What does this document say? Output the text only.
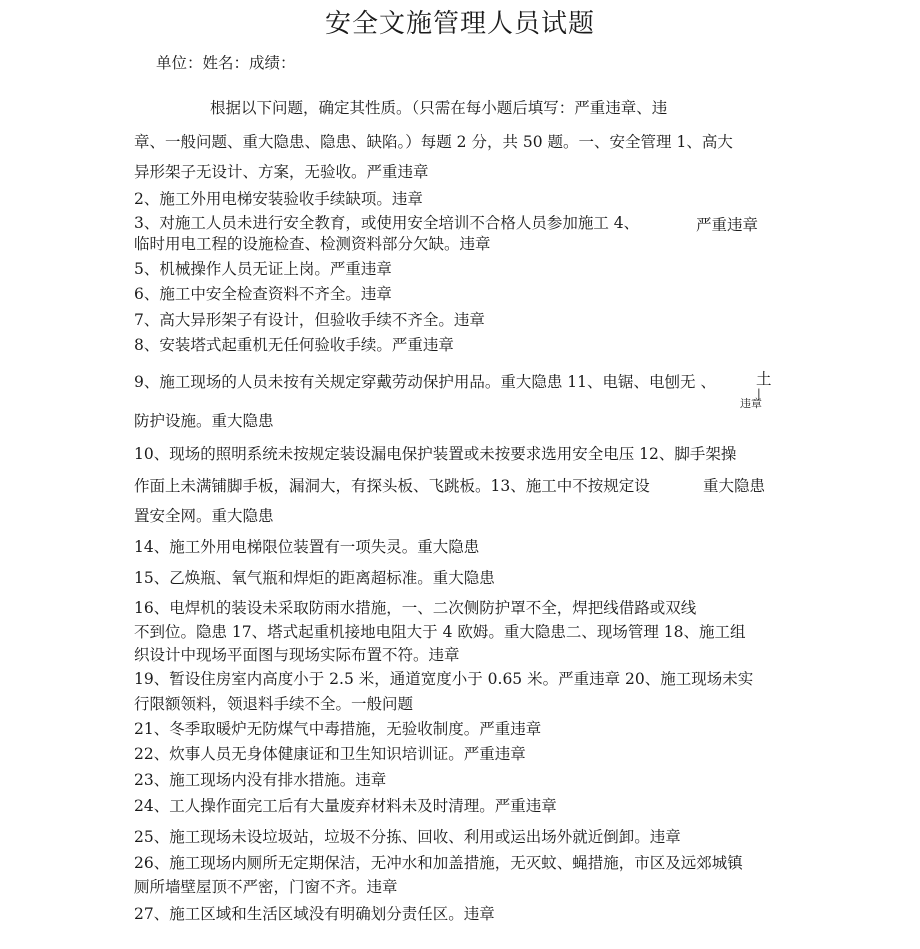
安全文施管理人员试题
单位：姓名：成绩：
根据以下问题，确定其性质。（只需在每小题后填写：严重违章、违
章、一般问题、重大隐患、隐患、缺陷。）每题 2 分，共 50 题。一、安全管理 1、高大
异形架子无设计、方案，无验收。严重违章
2、施工外用电梯安装验收手续缺项。违章
3、对施工人员未进行安全教育，或使用安全培训不合格人员参加施工 4、	严重违章
临时用电工程的设施检查、检测资料部分欠缺。违章
5、机械操作人员无证上岗。严重违章
6、施工中安全检查资料不齐全。违章
7、高大异形架子有设计，但验收手续不齐全。违章
8、安装塔式起重机无任何验收手续。严重违章
9、施工现场的人员未按有关规定穿戴劳动保护用品。重大隐患 11、电锯、电刨无 、	土
|
违章
防护设施。重大隐患
10、现场的照明系统未按规定装设漏电保护装置或未按要求选用安全电压 12、脚手架操
作面上未满铺脚手板，漏洞大，有探头板、飞跳板。13、施工中不按规定设	重大隐患
置安全网。重大隐患
14、施工外用电梯限位装置有一项失灵。重大隐患
15、乙焕瓶、氧气瓶和焊炬的距离超标准。重大隐患
16、电焊机的装设未采取防雨水措施，一、二次侧防护罩不全，焊把线借路或双线
不到位。隐患 17、塔式起重机接地电阻大于 4 欧姆。重大隐患二、现场管理 18、施工组
织设计中现场平面图与现场实际布置不符。违章
19、暂设住房室内高度小于 2.5 米，通道宽度小于 0.65 米。严重违章 20、施工现场未实
行限额领料，领退料手续不全。一般问题
21、冬季取暖炉无防煤气中毒措施，无验收制度。严重违章
22、炊事人员无身体健康证和卫生知识培训证。严重违章
23、施工现场内没有排水措施。违章
24、工人操作面完工后有大量废弃材料未及时清理。严重违章
25、施工现场未设垃圾站，垃圾不分拣、回收、利用或运出场外就近倒卸。违章
26、施工现场内厕所无定期保洁，无冲水和加盖措施，无灭蚊、蝇措施，市区及远郊城镇
厕所墙壁屋顶不严密，门窗不齐。违章
27、施工区域和生活区域没有明确划分责任区。违章
